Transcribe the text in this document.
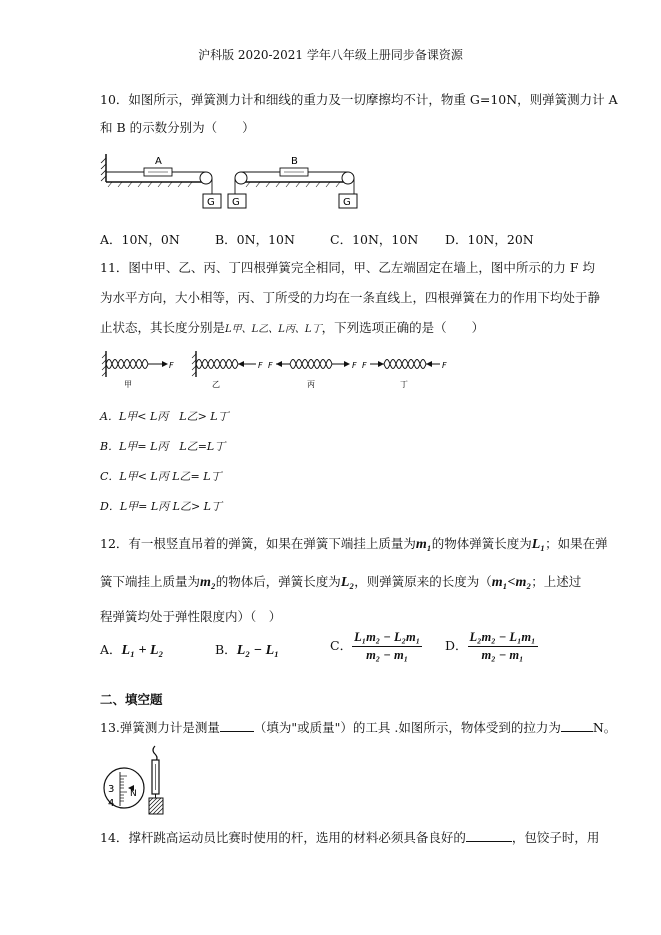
沪科版 2020-2021 学年八年级上册同步备课资源
10．如图所示，弹簧测力计和细线的重力及一切摩擦均不计，物重 G=10N，则弹簧测力计 A
和 B 的示数分别为（　　）
A
G G
B
G
A．10N，0N	B．0N，10N	C．10N，10N D．10N，20N
11．图中甲、乙、丙、丁四根弹簧完全相同，甲、乙左端固定在墙上，图中所示的力 F 均
为水平方向，大小相等，丙、丁所受的力均在一条直线上，四根弹簧在力的作用下均处于静
止状态，其长度分别是L甲、L乙、L丙、L丁，下列选项正确的是（　　）
F
甲
F
乙
F	F
丙
F	F
丁
A．L甲< L丙　L乙> L丁
B．L甲= L丙　L乙=L丁
C．L甲< L丙 L乙= L丁
D．L甲= L丙 L乙> L丁
12．有一根竖直吊着的弹簧，如果在弹簧下端挂上质量为m₁的物体弹簧长度为L₁；如果在弹
簧下端挂上质量为m₂的物体后，弹簧长度为L₂，则弹簧原来的长度为（m₁<m₂；上述过
程弹簧均处于弹性限度内）（　）
A．L₁ + L₂	B．L₂ − L₁	C． $\frac{\text{L₁m₂ − L₂m₁}}{\text{m₂ − m₁}}$ D． $\frac{\text{L₂m₂ − L₁m₁}}{\text{m₂ − m₁}}$
二、填空题
13.弹簧测力计是测量	（填为"或质量"）的工具 .如图所示，物体受到的拉力为	N。
3
4
N
14．撑杆跳高运动员比赛时使用的杆，选用的材料必须具备良好的	，包饺子时，用
